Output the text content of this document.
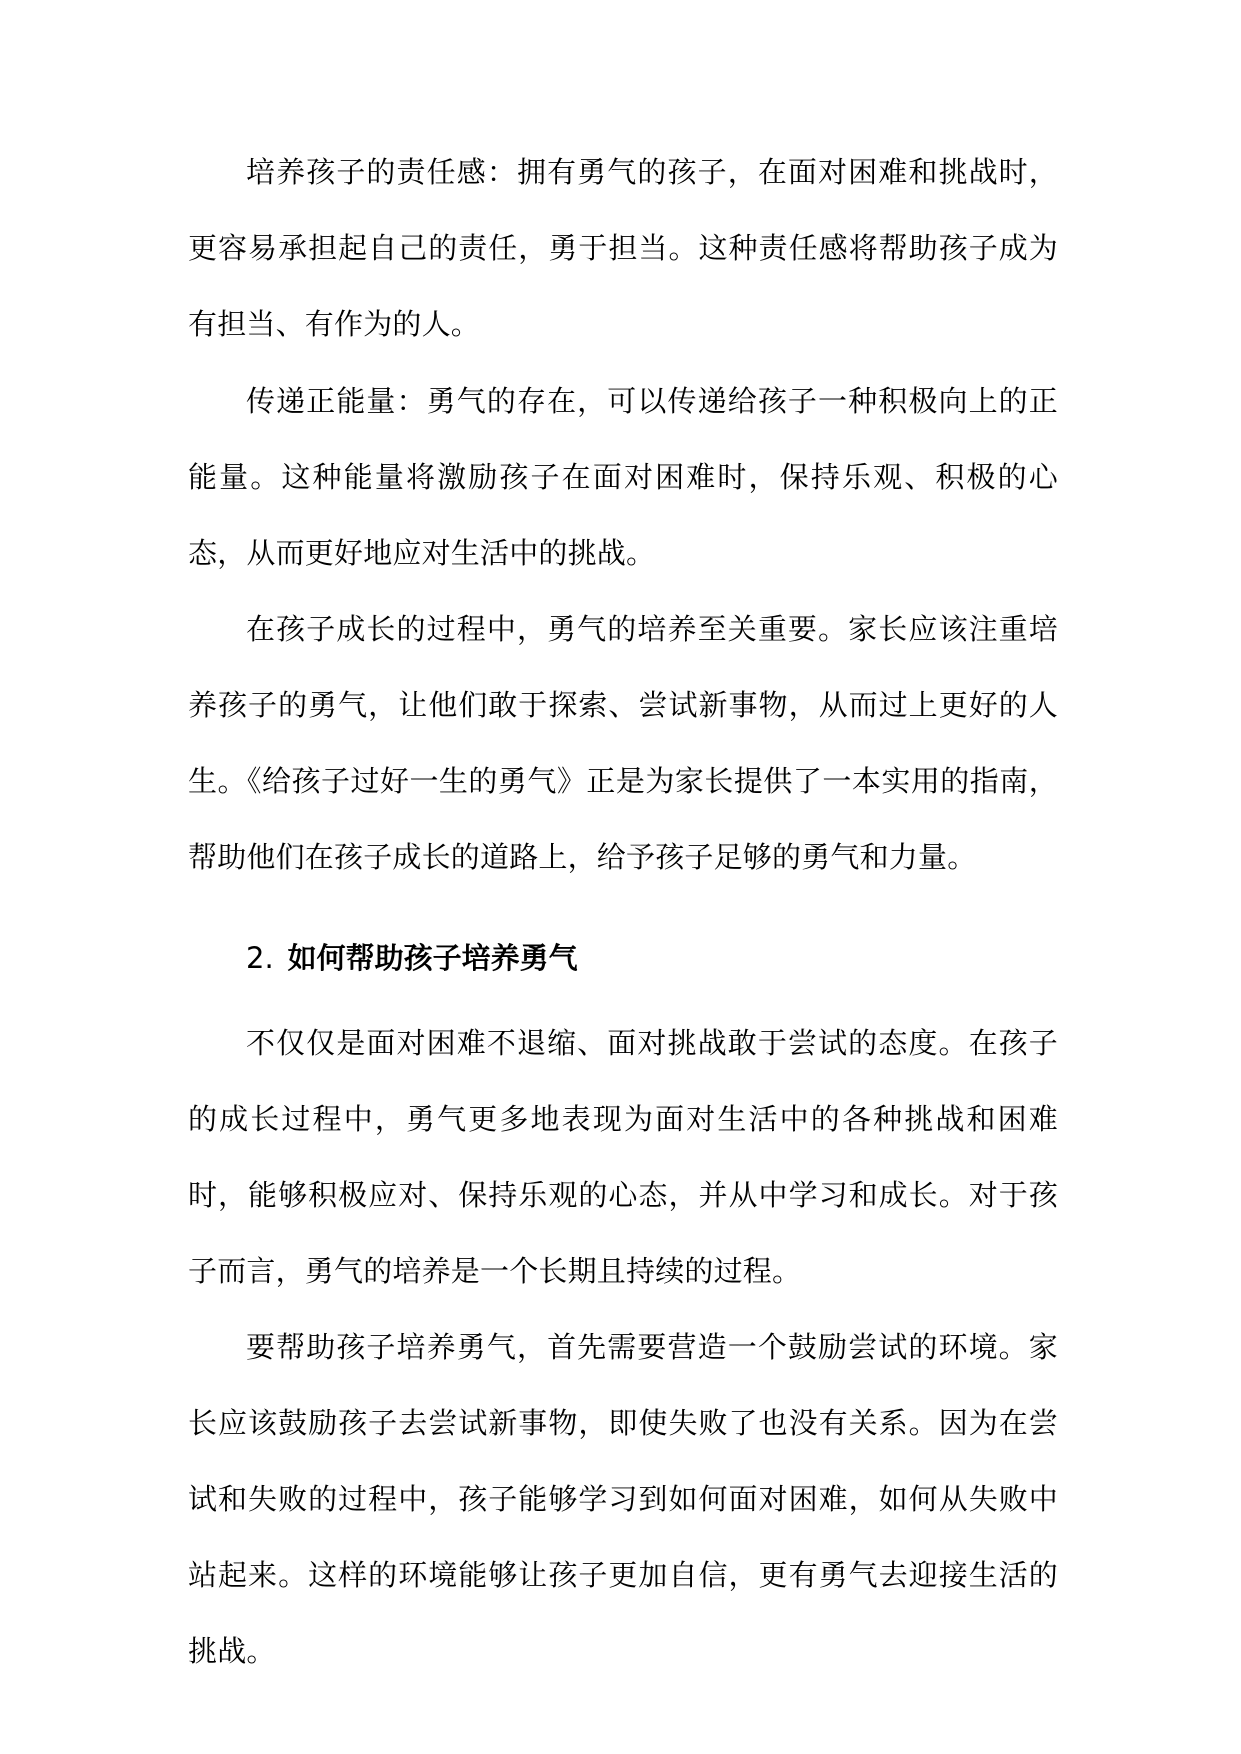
培养孩子的责任感：拥有勇气的孩子，在面对困难和挑战时，更容易承担起自己的责任，勇于担当。这种责任感将帮助孩子成为有担当、有作为的人。

传递正能量：勇气的存在，可以传递给孩子一种积极向上的正能量。这种能量将激励孩子在面对困难时，保持乐观、积极的心态，从而更好地应对生活中的挑战。

在孩子成长的过程中，勇气的培养至关重要。家长应该注重培养孩子的勇气，让他们敢于探索、尝试新事物，从而过上更好的人生。《给孩子过好一生的勇气》正是为家长提供了一本实用的指南，帮助他们在孩子成长的道路上，给予孩子足够的勇气和力量。

2. 如何帮助孩子培养勇气

不仅仅是面对困难不退缩、面对挑战敢于尝试的态度。在孩子的成长过程中，勇气更多地表现为面对生活中的各种挑战和困难时，能够积极应对、保持乐观的心态，并从中学习和成长。对于孩子而言，勇气的培养是一个长期且持续的过程。

要帮助孩子培养勇气，首先需要营造一个鼓励尝试的环境。家长应该鼓励孩子去尝试新事物，即使失败了也没有关系。因为在尝试和失败的过程中，孩子能够学习到如何面对困难，如何从失败中站起来。这样的环境能够让孩子更加自信，更有勇气去迎接生活的挑战。
